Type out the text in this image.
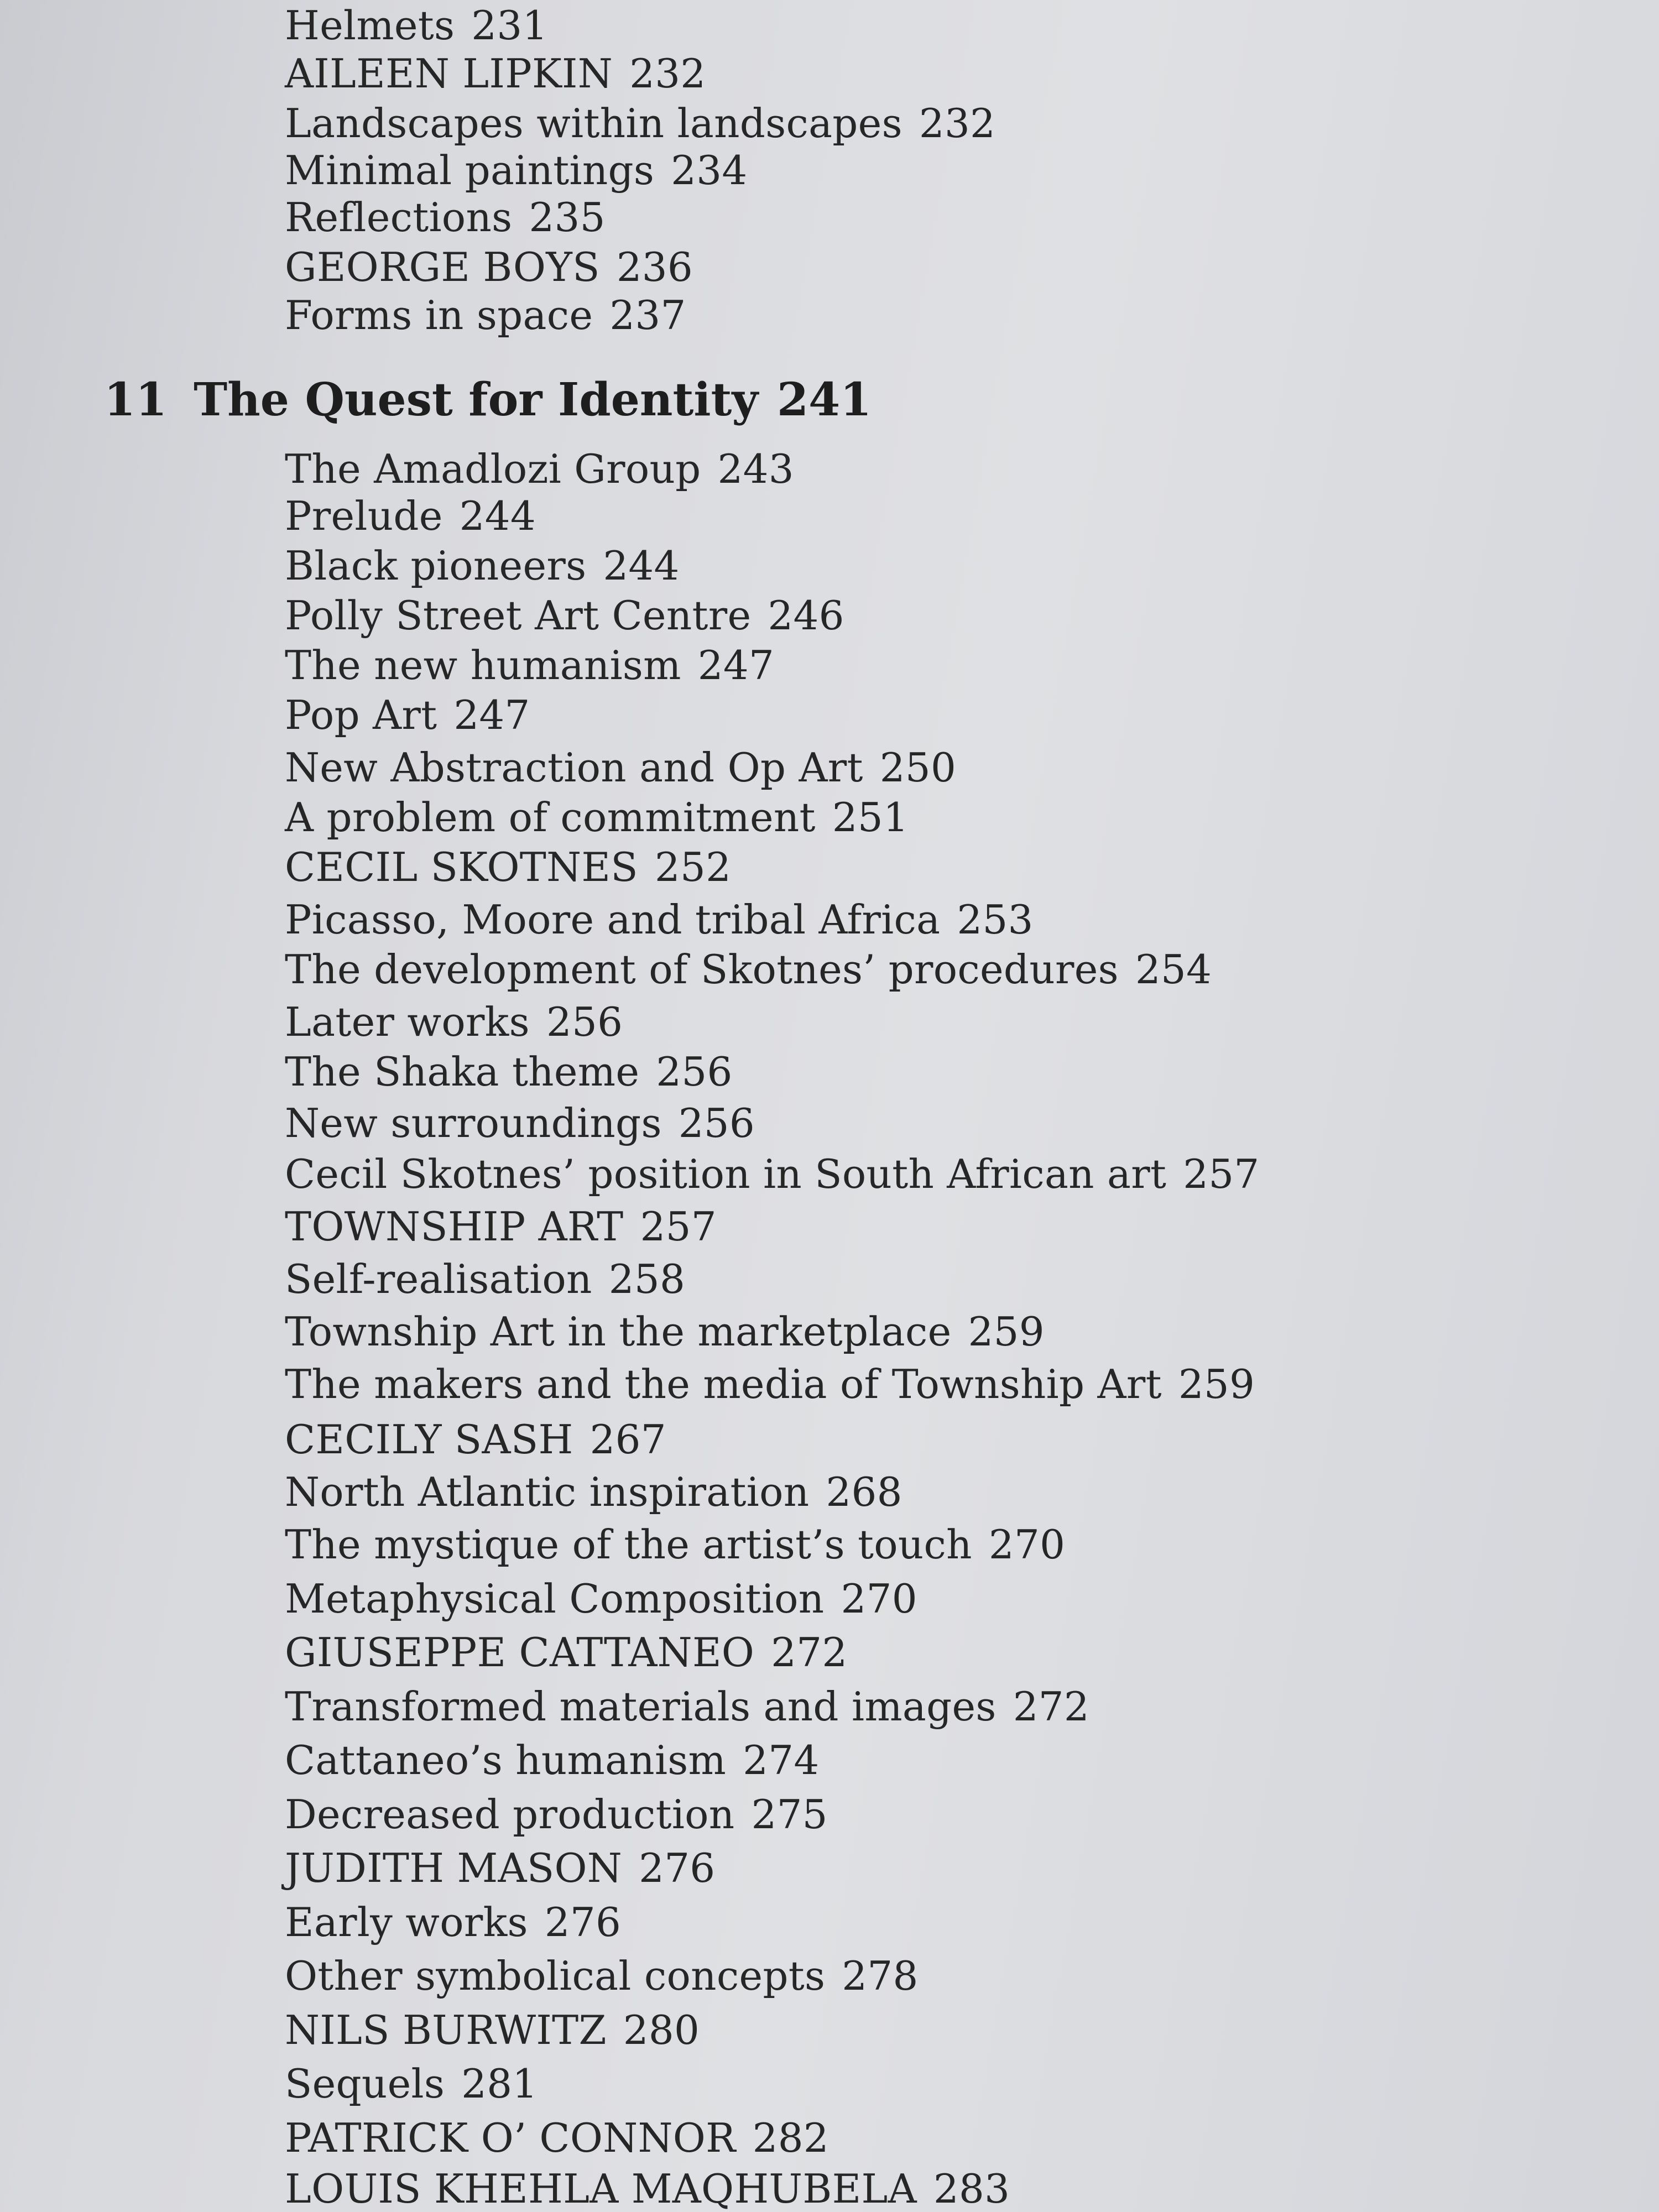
Helmets 231
AILEEN LIPKIN 232
Landscapes within landscapes 232
Minimal paintings 234
Reflections 235
GEORGE BOYS 236
Forms in space 237
11 The Quest for Identity 241
The Amadlozi Group 243
Prelude 244
Black pioneers 244
Polly Street Art Centre 246
The new humanism 247
Pop Art 247
New Abstraction and Op Art 250
A problem of commitment 251
CECIL SKOTNES 252
Picasso, Moore and tribal Africa 253
The development of Skotnes’ procedures 254
Later works 256
The Shaka theme 256
New surroundings 256
Cecil Skotnes’ position in South African art 257
TOWNSHIP ART 257
Self-realisation 258
Township Art in the marketplace 259
The makers and the media of Township Art 259
CECILY SASH 267
North Atlantic inspiration 268
The mystique of the artist’s touch 270
Metaphysical Composition 270
GIUSEPPE CATTANEO 272
Transformed materials and images 272
Cattaneo’s humanism 274
Decreased production 275
JUDITH MASON 276
Early works 276
Other symbolical concepts 278
NILS BURWITZ 280
Sequels 281
PATRICK O’ CONNOR 282
LOUIS KHEHLA MAQHUBELA 283
